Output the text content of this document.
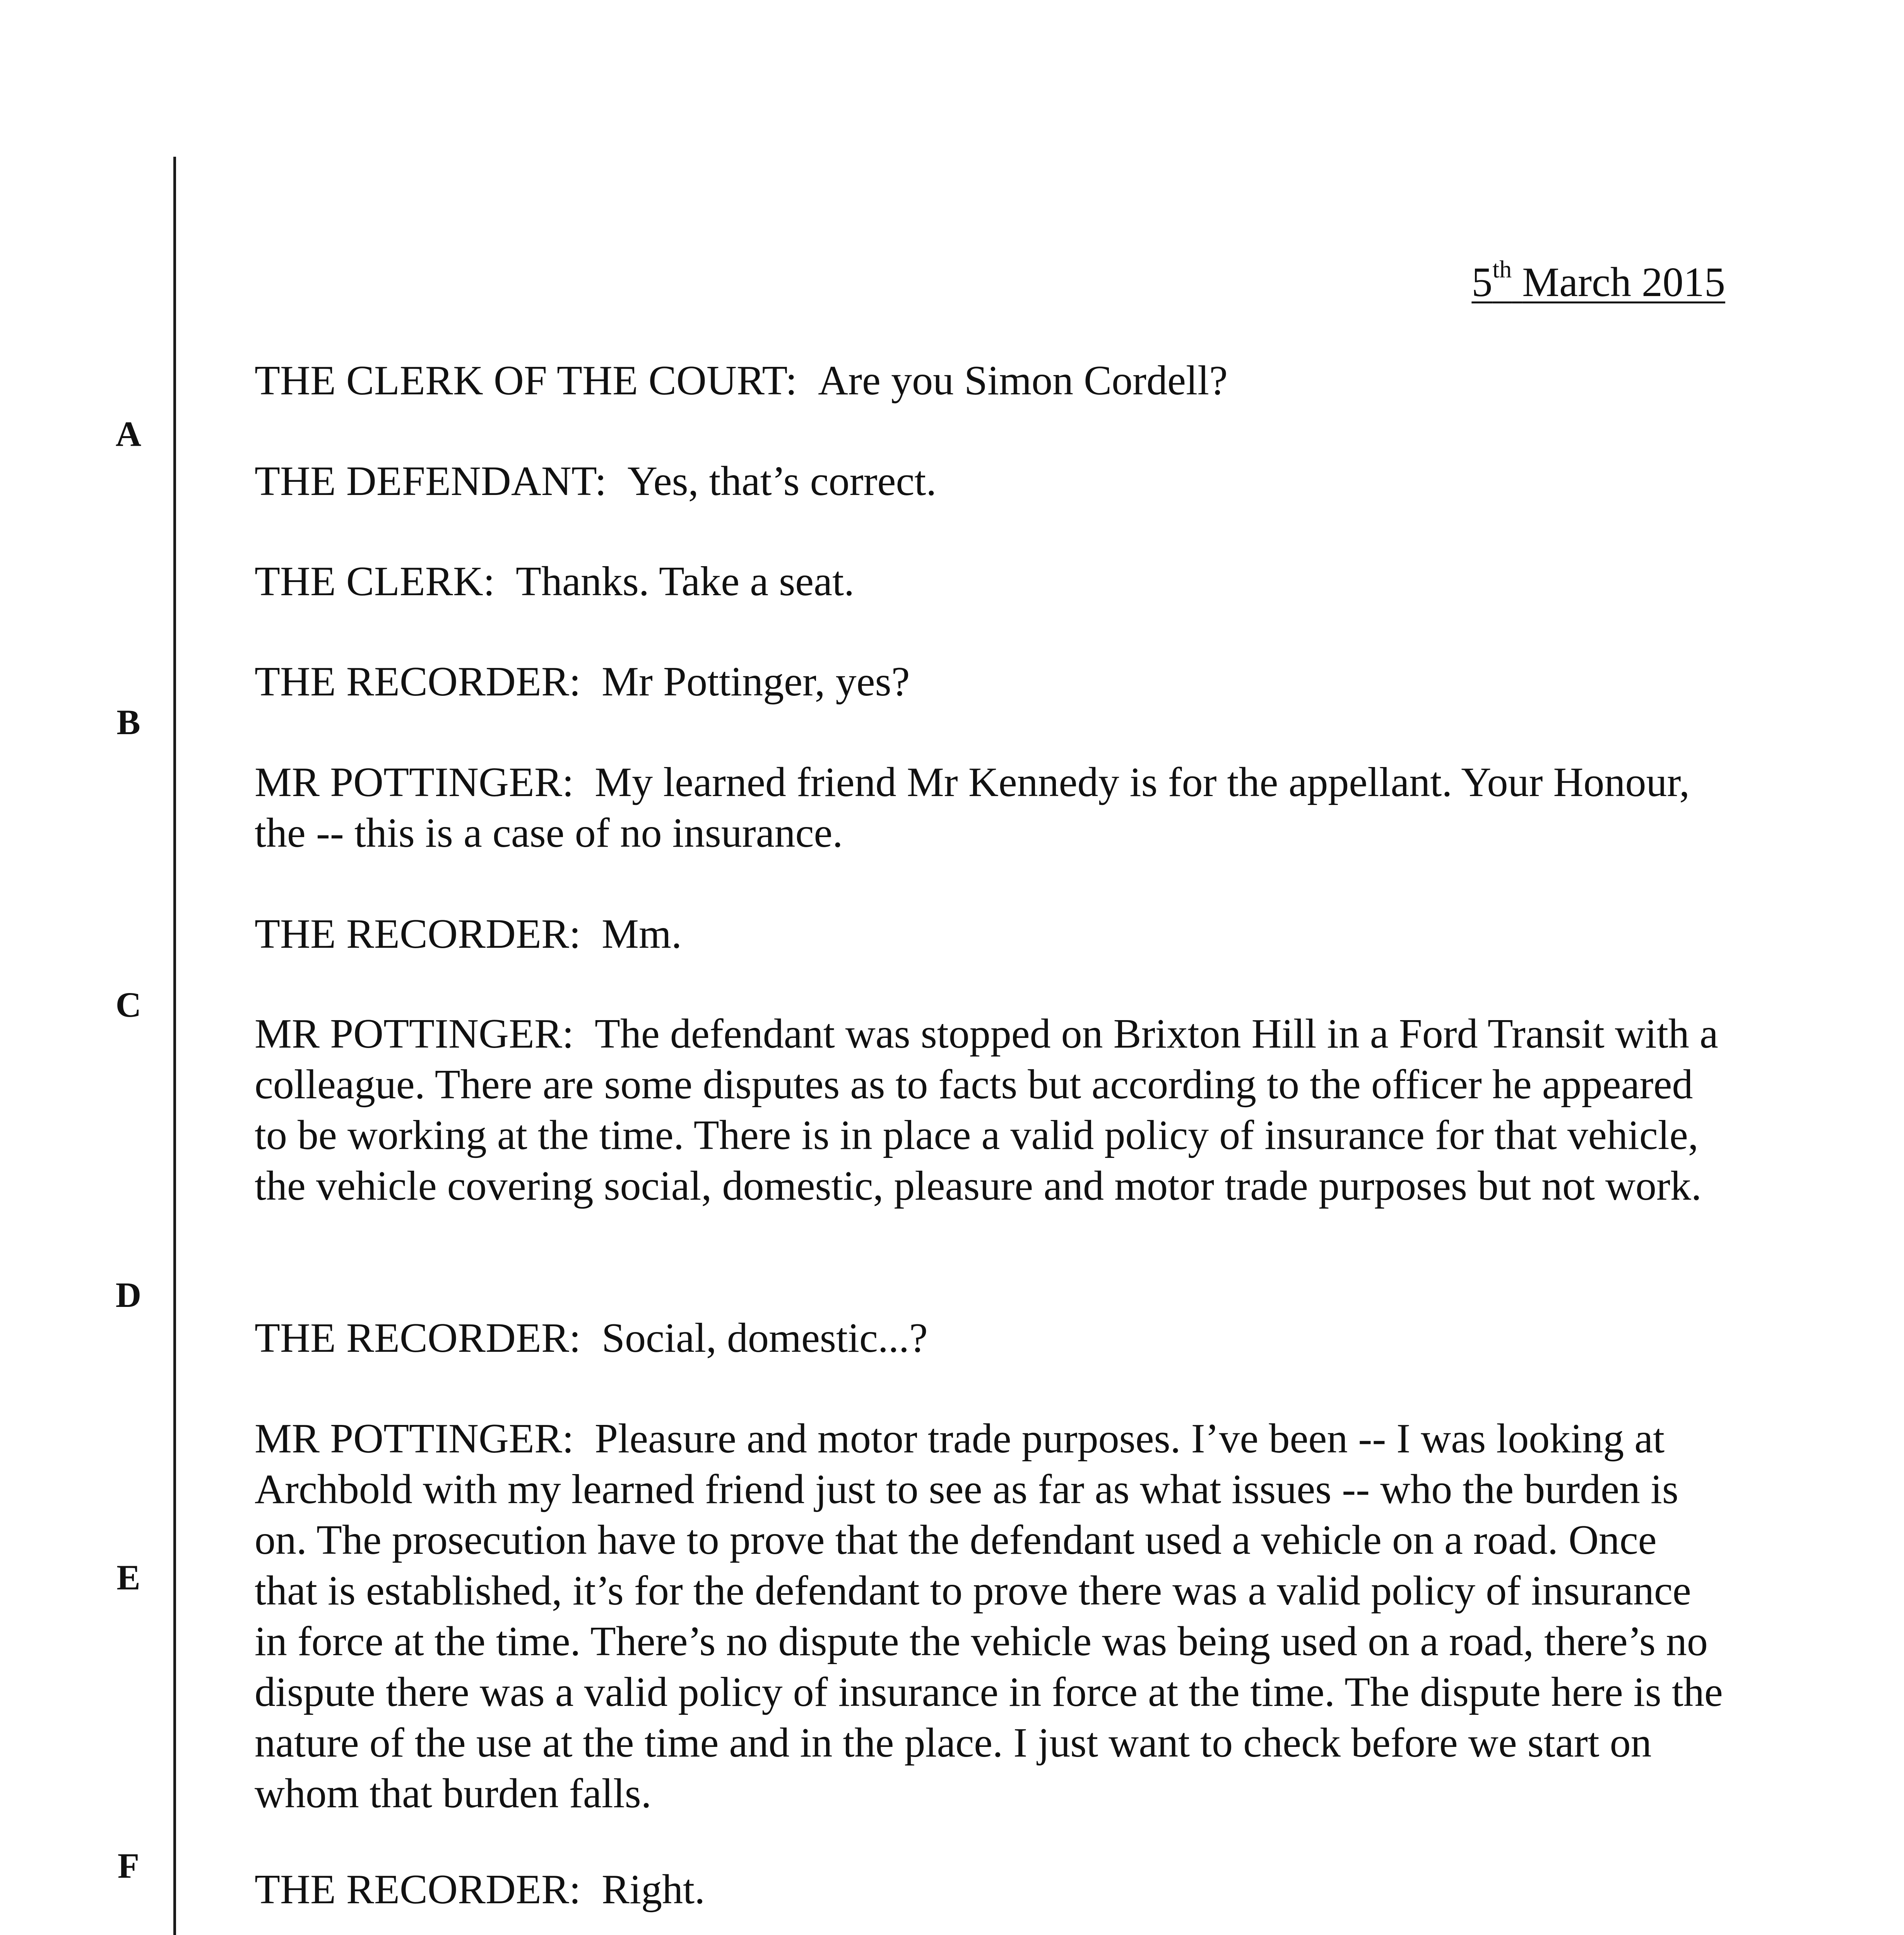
A
B
C
D
E
F
5th March 2015

THE CLERK OF THE COURT : Are you Simon Cordell?

THE DEFENDANT : Yes, that’s correct.

THE CLERK : Thanks. Take a seat.

THE RECORDER : Mr Pottinger, yes?

MR POTTINGER : My learned friend Mr Kennedy is for the appellant. Your Honour, the -- this is a case of no insurance.

THE RECORDER : Mm.

MR POTTINGER : The defendant was stopped on Brixton Hill in a Ford Transit with a colleague. There are some disputes as to facts but according to the officer he appeared to be working at the time. There is in place a valid policy of insurance for that vehicle, the vehicle covering social, domestic, pleasure and motor trade purposes but not work.

THE RECORDER : Social, domestic...?

MR POTTINGER : Pleasure and motor trade purposes. I’ve been -- I was looking at Archbold with my learned friend just to see as far as what issues -- who the burden is on. The prosecution have to prove that the defendant used a vehicle on a road. Once that is established, it’s for the defendant to prove there was a valid policy of insurance in force at the time. There’s no dispute the vehicle was being used on a road, there’s no dispute there was a valid policy of insurance in force at the time. The dispute here is the nature of the use at the time and in the place. I just want to check before we start on whom that burden falls.

THE RECORDER : Right.
